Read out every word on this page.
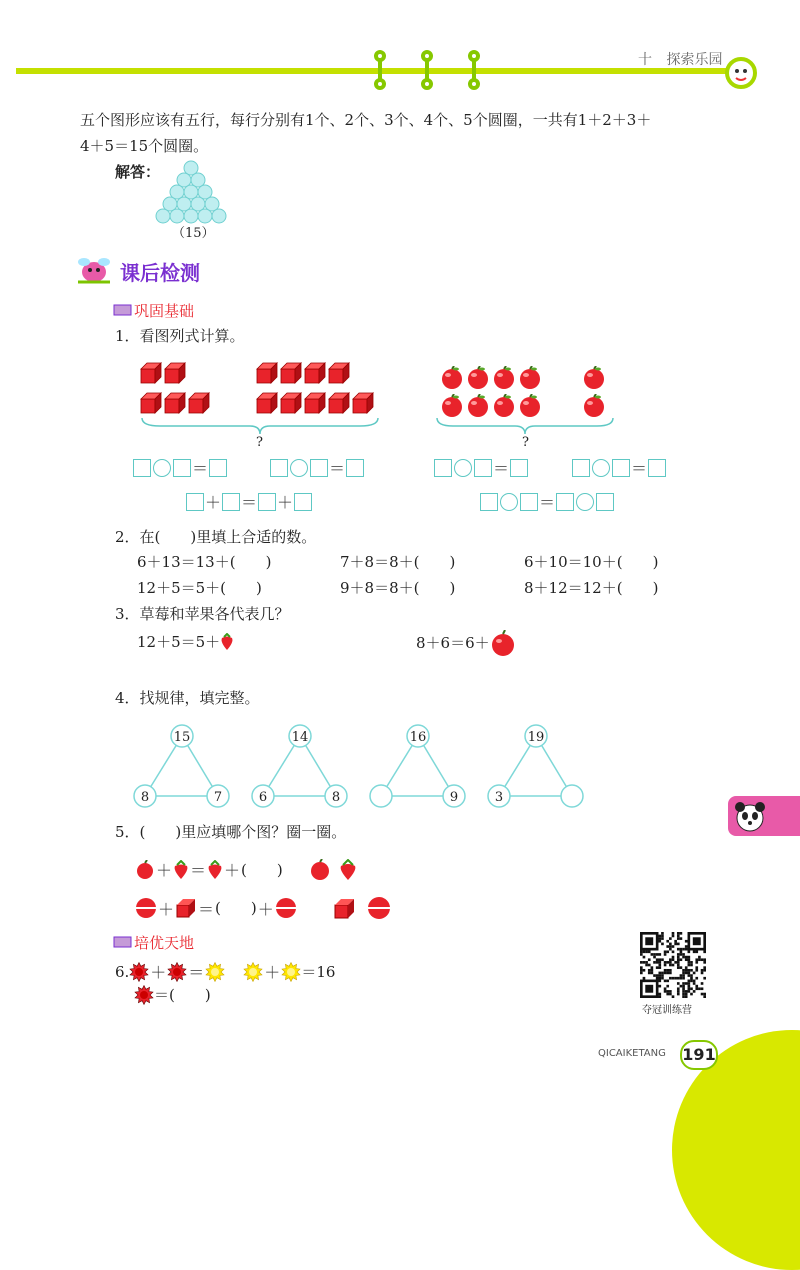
十 探索乐园
五个图形应该有五行，每行分别有1个、2个、3个、4个、5个圆圈，一共有1＋2＋3＋
4＋5＝15个圆圈。
解答：
（15）
课后检测
巩固基础
1．看图列式计算。
?	?
＝	＝
＋ ＝ ＋
＝	＝
＝
2．在(　　)里填上合适的数。
6＋13＝13＋(　　)	7＋8＝8＋(　　)	6＋10＝10＋(　　)
12＋5＝5＋(　　)	9＋8＝8＋(　　)	8＋12＝12＋(　　)
3．草莓和苹果各代表几？
12＋5＝5＋	8＋6＝6＋
4．找规律，填完整。
15
8	7
14
6	8
16
9
19
3
5．(　　)里应填哪个图？圈一圈。
＋ ＝ ＋ (　　)
＋ ＝ (　　) ＋
培优天地
6. ＋ ＝	＋ ＝16
＝(　　)
夺冠训练营
QICAIKETANG 191
